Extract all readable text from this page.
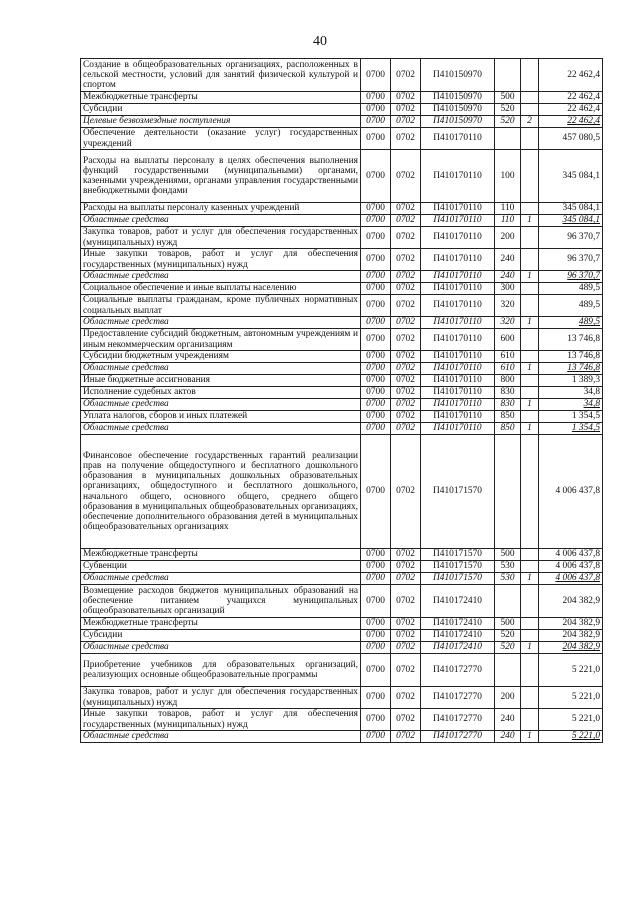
40
Создание в общеобразовательных организациях, расположенных в сельской местности, условий для занятий физической культурой и спортом	0700	0702	П410150970			22 462,4
Межбюджетные трансферты	0700	0702	П410150970	500		22 462,4
Субсидии	0700	0702	П410150970	520		22 462,4
Целевые безвозмездные поступления	0700	0702	П410150970	520	2	22 462,4
Обеспечение деятельности (оказание услуг) государственных учреждений	0700	0702	П410170110			457 080,5
Расходы на выплаты персоналу в целях обеспечения выполнения функций государственными (муниципальными) органами, казенными учреждениями, органами управления государственными внебюджетными фондами	0700	0702	П410170110	100		345 084,1
Расходы на выплаты персоналу казенных учреждений	0700	0702	П410170110	110		345 084,1
Областные средства	0700	0702	П410170110	110	1	345 084,1
Закупка товаров, работ и услуг для обеспечения государственных (муниципальных) нужд	0700	0702	П410170110	200		96 370,7
Иные закупки товаров, работ и услуг для обеспечения государственных (муниципальных) нужд	0700	0702	П410170110	240		96 370,7
Областные средства	0700	0702	П410170110	240	1	96 370,7
Социальное обеспечение и иные выплаты населению	0700	0702	П410170110	300		489,5
Социальные выплаты гражданам, кроме публичных нормативных социальных выплат	0700	0702	П410170110	320		489,5
Областные средства	0700	0702	П410170110	320	1	489,5
Предоставление субсидий бюджетным, автономным учреждениям и иным некоммерческим организациям	0700	0702	П410170110	600		13 746,8
Субсидии бюджетным учреждениям	0700	0702	П410170110	610		13 746,8
Областные средства	0700	0702	П410170110	610	1	13 746,8
Иные бюджетные ассигнования	0700	0702	П410170110	800		1 389,3
Исполнение судебных актов	0700	0702	П410170110	830		34,8
Областные средства	0700	0702	П410170110	830	1	34,8
Уплата налогов, сборов и иных платежей	0700	0702	П410170110	850		1 354,5
Областные средства	0700	0702	П410170110	850	1	1 354,5
Финансовое обеспечение государственных гарантий реализации прав на получение общедоступного и бесплатного дошкольного образования в муниципальных дошкольных образовательных организациях, общедоступного и бесплатного дошкольного, начального общего, основного общего, среднего общего образования в муниципальных общеобразовательных организациях, обеспечение дополнительного образования детей в муниципальных общеобразовательных организациях	0700	0702	П410171570			4 006 437,8
Межбюджетные трансферты	0700	0702	П410171570	500		4 006 437,8
Субвенции	0700	0702	П410171570	530		4 006 437,8
Областные средства	0700	0702	П410171570	530	1	4 006 437,8
Возмещение расходов бюджетов муниципальных образований на обеспечение питанием учащихся муниципальных общеобразовательных организаций	0700	0702	П410172410			204 382,9
Межбюджетные трансферты	0700	0702	П410172410	500		204 382,9
Субсидии	0700	0702	П410172410	520		204 382,9
Областные средства	0700	0702	П410172410	520	1	204 382,9
Приобретение учебников для образовательных организаций, реализующих основные общеобразовательные программы	0700	0702	П410172770			5 221,0
Закупка товаров, работ и услуг для обеспечения государственных (муниципальных) нужд	0700	0702	П410172770	200		5 221,0
Иные закупки товаров, работ и услуг для обеспечения государственных (муниципальных) нужд	0700	0702	П410172770	240		5 221,0
Областные средства	0700	0702	П410172770	240	1	5 221,0
